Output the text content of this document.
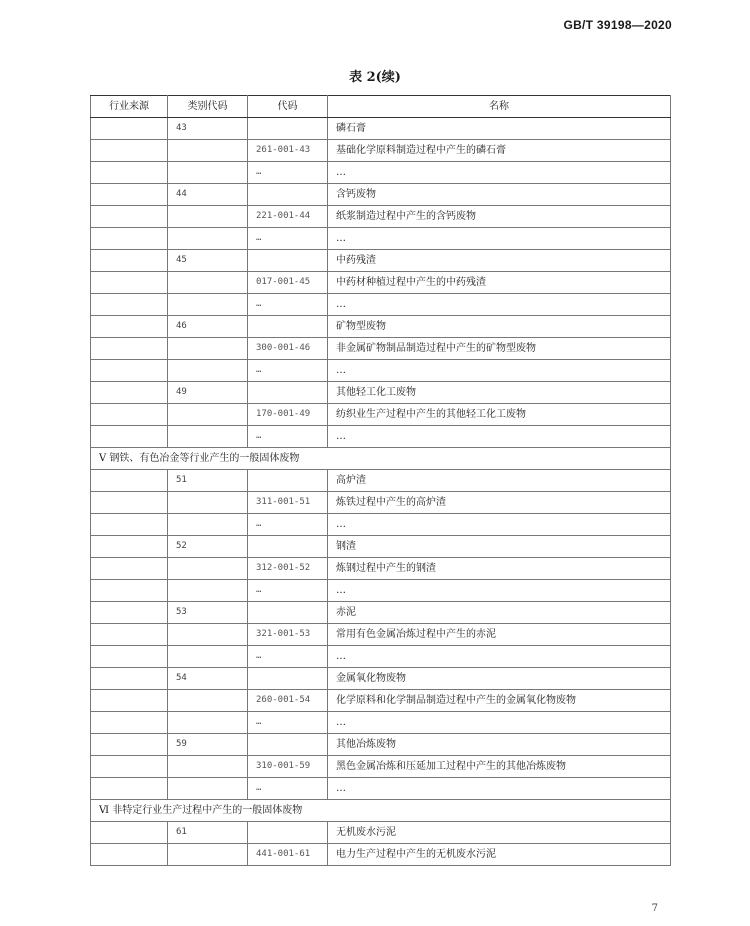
GB/T 39198—2020
表 2(续)
行业来源	类别代码	代码	名称
	43		磷石膏
		261-001-43	基础化学原料制造过程中产生的磷石膏
		…	…
	44		含钙废物
		221-001-44	纸浆制造过程中产生的含钙废物
		…	…
	45		中药残渣
		017-001-45	中药材种植过程中产生的中药残渣
		…	…
	46		矿物型废物
		300-001-46	非金属矿物制品制造过程中产生的矿物型废物
		…	…
	49		其他轻工化工废物
		170-001-49	纺织业生产过程中产生的其他轻工化工废物
		…	…
V 钢铁、有色冶金等行业产生的一般固体废物			
	51		高炉渣
		311-001-51	炼铁过程中产生的高炉渣
		…	…
	52		钢渣
		312-001-52	炼钢过程中产生的钢渣
		…	…
	53		赤泥
		321-001-53	常用有色金属冶炼过程中产生的赤泥
		…	…
	54		金属氧化物废物
		260-001-54	化学原料和化学制品制造过程中产生的金属氧化物废物
		…	…
	59		其他冶炼废物
		310-001-59	黑色金属冶炼和压延加工过程中产生的其他冶炼废物
		…	…
Ⅵ 非特定行业生产过程中产生的一般固体废物			
	61		无机废水污泥
		441-001-61	电力生产过程中产生的无机废水污泥
7
